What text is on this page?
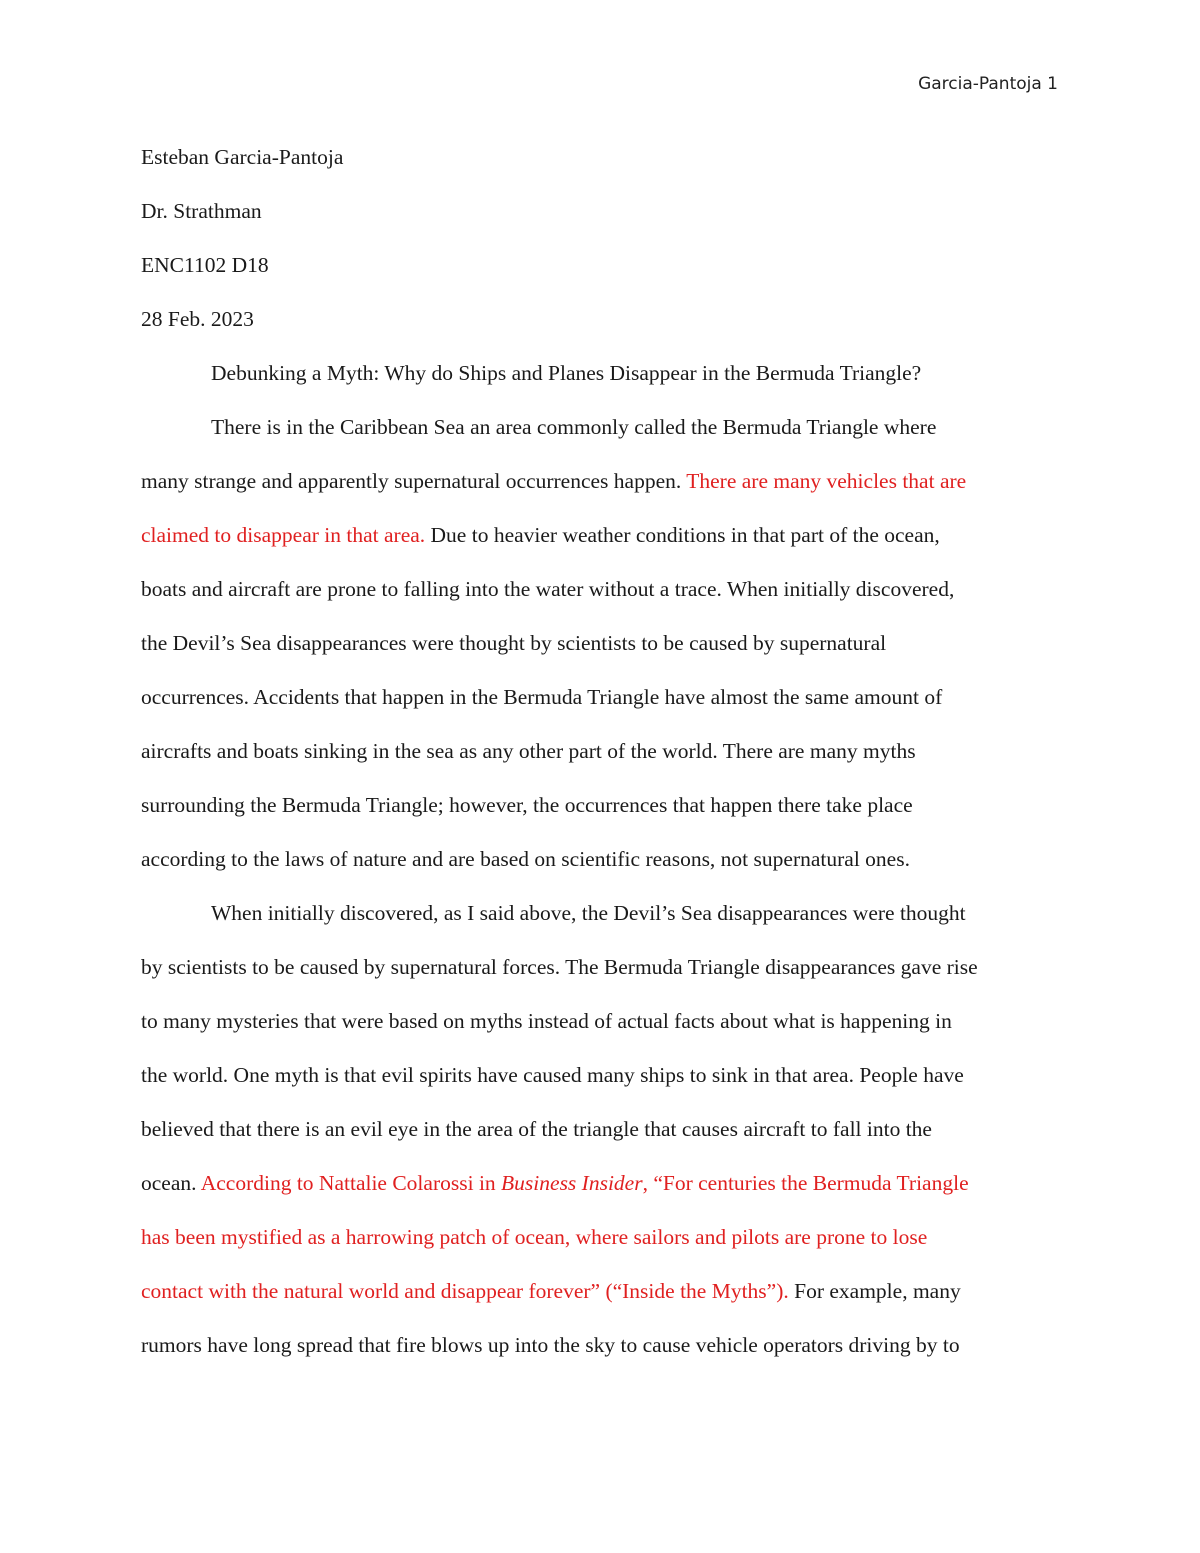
Garcia-Pantoja 1
Esteban Garcia-Pantoja
Dr. Strathman
ENC1102 D18
28 Feb. 2023
Debunking a Myth: Why do Ships and Planes Disappear in the Bermuda Triangle?
There is in the Caribbean Sea an area commonly called the Bermuda Triangle where
many strange and apparently supernatural occurrences happen. There are many vehicles that are
claimed to disappear in that area. Due to heavier weather conditions in that part of the ocean,
boats and aircraft are prone to falling into the water without a trace. When initially discovered,
the Devil’s Sea disappearances were thought by scientists to be caused by supernatural
occurrences. Accidents that happen in the Bermuda Triangle have almost the same amount of
aircrafts and boats sinking in the sea as any other part of the world. There are many myths
surrounding the Bermuda Triangle; however, the occurrences that happen there take place
according to the laws of nature and are based on scientific reasons, not supernatural ones.
When initially discovered, as I said above, the Devil’s Sea disappearances were thought
by scientists to be caused by supernatural forces. The Bermuda Triangle disappearances gave rise
to many mysteries that were based on myths instead of actual facts about what is happening in
the world. One myth is that evil spirits have caused many ships to sink in that area. People have
believed that there is an evil eye in the area of the triangle that causes aircraft to fall into the
ocean. According to Nattalie Colarossi in Business Insider, “For centuries the Bermuda Triangle
has been mystified as a harrowing patch of ocean, where sailors and pilots are prone to lose
contact with the natural world and disappear forever” (“Inside the Myths”). For example, many
rumors have long spread that fire blows up into the sky to cause vehicle operators driving by to
